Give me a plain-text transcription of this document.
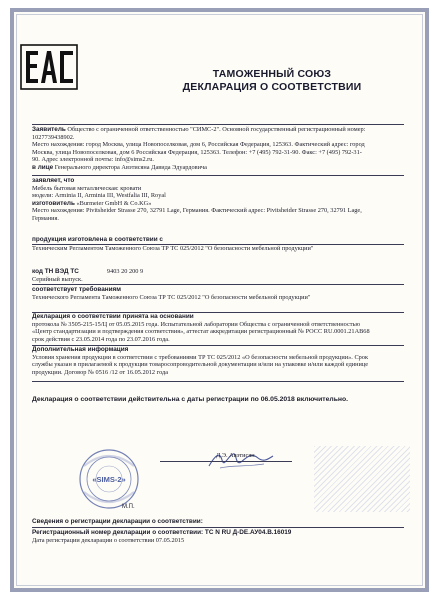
ТАМОЖЕННЫЙ СОЮЗ
ДЕКЛАРАЦИЯ О СООТВЕТСТВИИ
Заявитель Общество с ограниченной ответственностью "СИМС-2". Основной государственный регистрационный номер:
1027739438902.
Место нахождения: город Москва, улица Новопоселковая, дом 6, Российская Федерация, 125363. Фактический адрес: город
Москва, улица Новопоселковая, дом 6 Российская Федерация, 125363. Телефон: +7 (495) 792-31-90. Факс: +7 (495) 792-31-
90. Адрес электронной почты: info@sims2.ru.
в лице Генерального директора Авэтисяна Давида Эдуардовича
заявляет, что
Мебель бытовая металлическая: кровати
модели: Arminia II, Arminia III, Westfalia III, Royal
изготовитель «Burmeier GmbH & Co.KG»
Место нахождения: Pivitsheider Strasse 270, 32791 Lage, Германия. Фактический адрес: Pivitsheider Strasse 270, 32791 Lage,
Германия.
продукция изготовлена в соответствии с
Техническим Регламентом Таможенного Союза ТР ТС 025/2012 "О безопасности мебельной продукции"
код ТН ВЭД ТС	9403 20 200 9
Серийный выпуск.
соответствует требованиям
Технического Регламента Таможенного Союза ТР ТС 025/2012 "О безопасности мебельной продукции"
Декларация о соответствии принята на основании
протокола № 3505-215-15/Ц от 05.05.2015 года. Испытательной лаборатории Общества с ограниченной ответственностью
«Центр стандартизации и подтверждения соответствия», аттестат аккредитации регистрационный № РОСС RU.0001.21АВ68
срок действия с 23.05.2014 года по 23.07.2016 года.
Дополнительная информация
Условия хранения продукции в соответствии с требованиями ТР ТС 025/2012 «О безопасности мебельной продукции». Срок
службы указан в прилагаемой к продукции товаросопроводительной документации и/или на упаковке и/или каждой единице
продукции. Договор № 0516 /12 от 16.05.2012 года
Декларация о соответствии действительна с даты регистрации по 06.05.2018 включительно.
«SIMS-2»
М.П.
Д.Э. Авэтисян
Сведения о регистрации декларации о соответствии:
Регистрационный номер декларации о соответствии: ТС N RU Д-DE.АУ04.В.16019
Дата регистрации декларации о соответствии 07.05.2015
